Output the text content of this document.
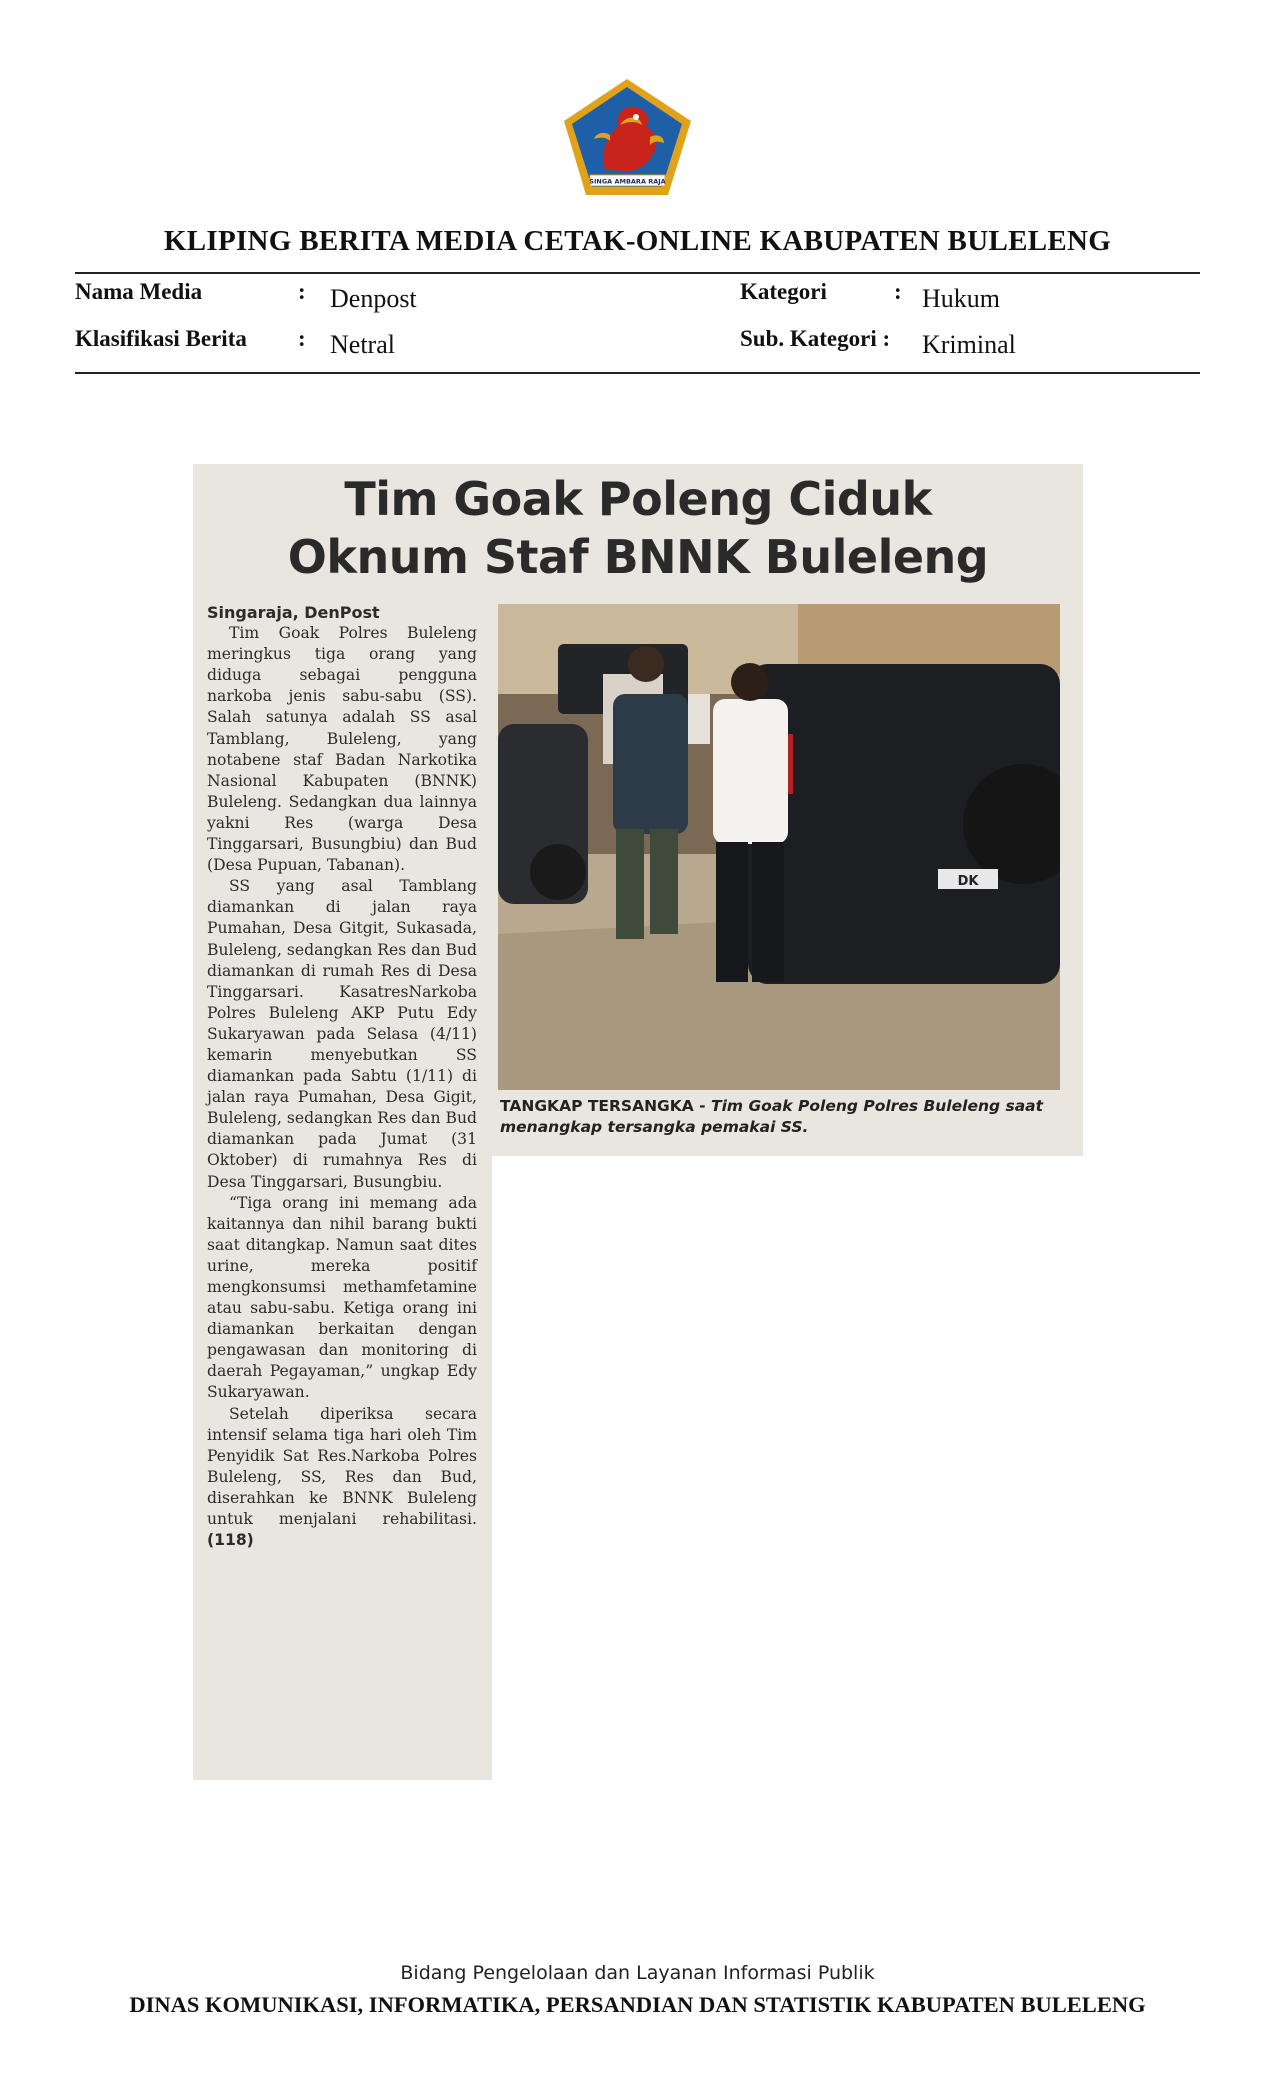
SINGA AMBARA RAJA
KLIPING BERITA MEDIA CETAK-ONLINE KABUPATEN BULELENG
Nama Media	: Denpost
Klasifikasi Berita : Netral
Kategori	: Hukum
Sub. Kategori : Kriminal
Tim Goak Poleng Ciduk
Oknum Staf BNNK Buleleng
Singaraja, DenPost

Tim Goak Polres Buleleng meringkus tiga orang yang diduga sebagai pengguna narkoba jenis sabu-sabu (SS). Salah satunya adalah SS asal Tamblang, Buleleng, yang notabene staf Badan Narkotika Nasional Kabupaten (BNNK) Buleleng. Sedangkan dua lainnya yakni Res (warga Desa Tinggarsari, Busungbiu) dan Bud (Desa Pupuan, Tabanan).

SS yang asal Tamblang diamankan di jalan raya Pumahan, Desa Gitgit, Sukasada, Buleleng, sedangkan Res dan Bud diamankan di rumah Res di Desa Tinggarsari. KasatresNarkoba Polres Buleleng AKP Putu Edy Sukaryawan pada Selasa (4/11) kemarin menyebutkan SS diamankan pada Sabtu (1/11) di jalan raya Pumahan, Desa Gigit, Buleleng, sedangkan Res dan Bud diamankan pada Jumat (31 Oktober) di rumahnya Res di Desa Tinggarsari, Busungbiu.

“Tiga orang ini memang ada kaitannya dan nihil barang bukti saat ditangkap. Namun saat dites urine, mereka positif mengkonsumsi methamfetamine atau sabu-sabu. Ketiga orang ini diamankan berkaitan dengan pengawasan dan monitoring di daerah Pegayaman,” ungkap Edy Sukaryawan.

Setelah diperiksa secara intensif selama tiga hari oleh Tim Penyidik Sat Res.Narkoba Polres Buleleng, SS, Res dan Bud, diserahkan ke BNNK Buleleng untuk menjalani rehabilitasi. (118)

DK
TANGKAP TERSANGKA - Tim Goak Poleng Polres Buleleng saat menangkap tersangka pemakai SS.
Bidang Pengelolaan dan Layanan Informasi Publik
DINAS KOMUNIKASI, INFORMATIKA, PERSANDIAN DAN STATISTIK KABUPATEN BULELENG
